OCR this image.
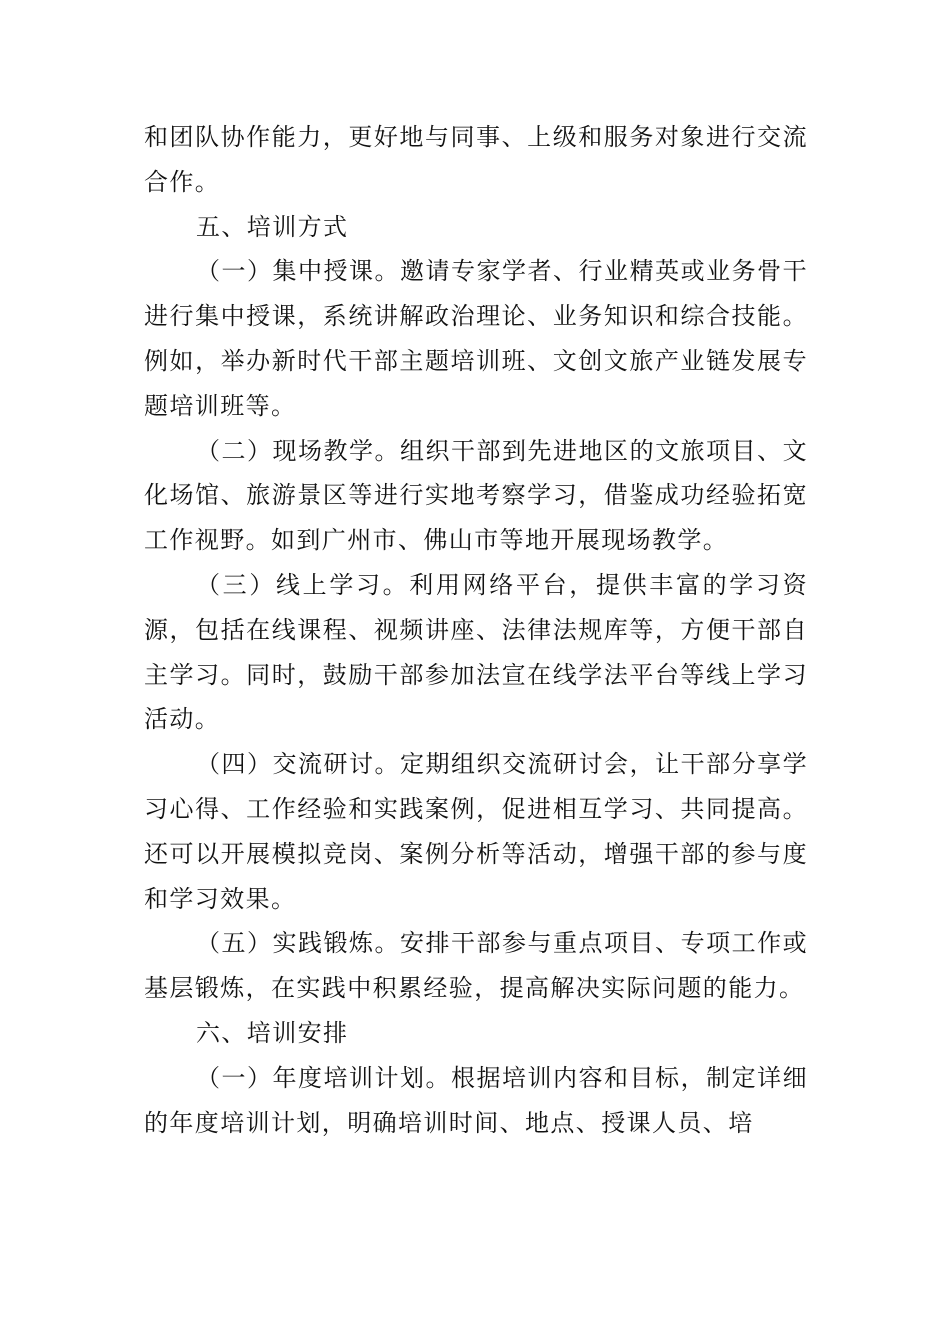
和团队协作能力，更好地与同事、上级和服务对象进行交流合作。

五、培训方式

（一）集中授课。邀请专家学者、行业精英或业务骨干进行集中授课，系统讲解政治理论、业务知识和综合技能。例如，举办新时代干部主题培训班、文创文旅产业链发展专题培训班等。

（二）现场教学。组织干部到先进地区的文旅项目、文化场馆、旅游景区等进行实地考察学习，借鉴成功经验拓宽工作视野。如到广州市、佛山市等地开展现场教学。

（三）线上学习。利用网络平台，提供丰富的学习资源，包括在线课程、视频讲座、法律法规库等，方便干部自主学习。同时，鼓励干部参加法宣在线学法平台等线上学习活动。

（四）交流研讨。定期组织交流研讨会，让干部分享学习心得、工作经验和实践案例，促进相互学习、共同提高。还可以开展模拟竞岗、案例分析等活动，增强干部的参与度和学习效果。

（五）实践锻炼。安排干部参与重点项目、专项工作或基层锻炼，在实践中积累经验，提高解决实际问题的能力。

六、培训安排

（一）年度培训计划。根据培训内容和目标，制定详细的年度培训计划，明确培训时间、地点、授课人员、培
